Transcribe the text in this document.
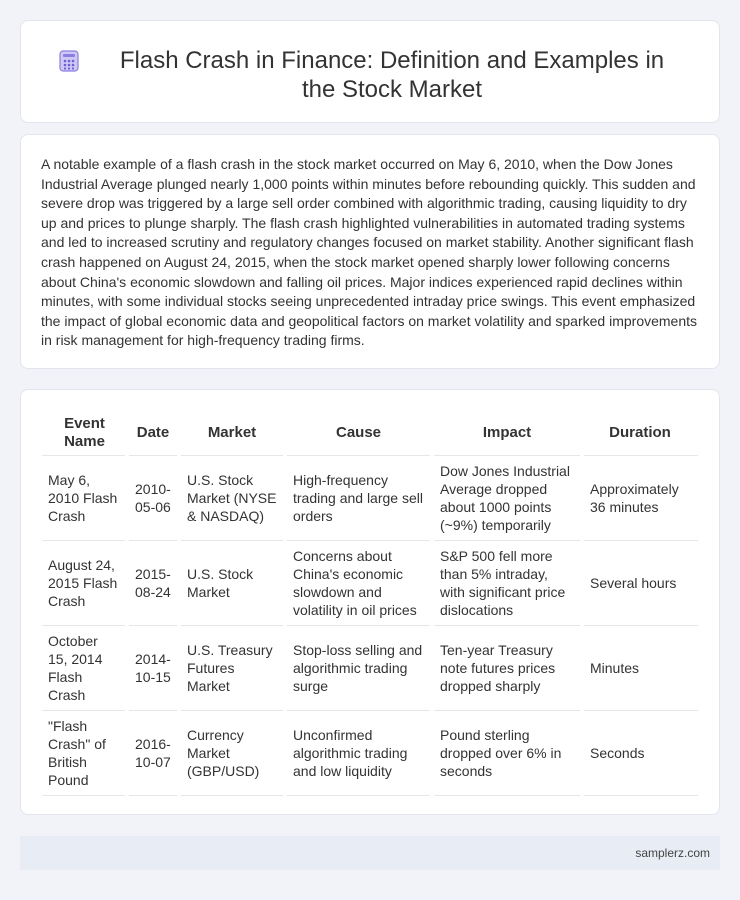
Flash Crash in Finance: Definition and Examples in the Stock Market

A notable example of a flash crash in the stock market occurred on May 6, 2010, when the Dow Jones Industrial Average plunged nearly 1,000 points within minutes before rebounding quickly. This sudden and severe drop was triggered by a large sell order combined with algorithmic trading, causing liquidity to dry up and prices to plunge sharply. The flash crash highlighted vulnerabilities in automated trading systems and led to increased scrutiny and regulatory changes focused on market stability. Another significant flash crash happened on August 24, 2015, when the stock market opened sharply lower following concerns about China's economic slowdown and falling oil prices. Major indices experienced rapid declines within minutes, with some individual stocks seeing unprecedented intraday price swings. This event emphasized the impact of global economic data and geopolitical factors on market volatility and sparked improvements in risk management for high-frequency trading firms.

Event Name	Date	Market	Cause	Impact	Duration
May 6, 2010 Flash Crash	2010-05-06	U.S. Stock Market (NYSE & NASDAQ)	High-frequency trading and large sell orders	Dow Jones Industrial Average dropped about 1000 points (~9%) temporarily	Approximately 36 minutes
August 24, 2015 Flash Crash	2015-08-24	U.S. Stock Market	Concerns about China's economic slowdown and volatility in oil prices	S&P 500 fell more than 5% intraday, with significant price dislocations	Several hours
October 15, 2014 Flash Crash	2014-10-15	U.S. Treasury Futures Market	Stop-loss selling and algorithmic trading surge	Ten-year Treasury note futures prices dropped sharply	Minutes
"Flash Crash" of British Pound	2016-10-07	Currency Market (GBP/USD)	Unconfirmed algorithmic trading and low liquidity	Pound sterling dropped over 6% in seconds	Seconds
samplerz.com
